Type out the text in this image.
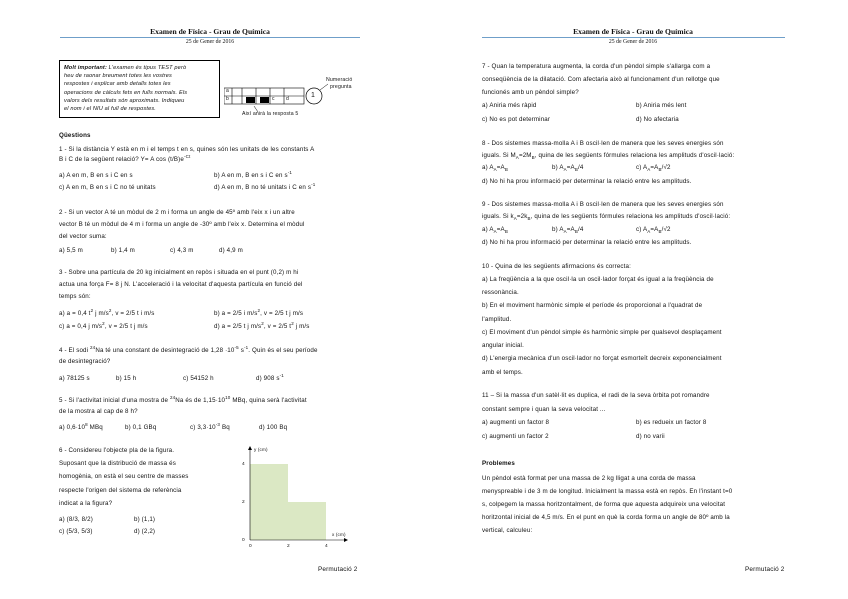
Examen de Física - Grau de Química
25 de Gener de 2016
Molt important: L'examen és tipus TEST però
heu de raonar breument totes les vostres
respostes i explicar amb detalls totes les
operacions de càlculs fets en fulls normals. Els
valors dels resultats són aproximats. Indiqueu
el nom i el NIU al full de respostes.
a
b	c d	1
Numeració
pregunta
Així anirà la resposta 5
Qüestions
1 - Si la distància Y està en m i el temps t en s, quines són les unitats de les constants A
B i C de la següent relació? Y= A $\cos (t/B)e^{-Ct}$
a) A en m, B en s i C en s	b) A en m, B en s i C en $s^{-1}$
c) A en m, B en s i C no té unitats	d) A en m, B no té unitats i C en $s^{-1}$
2 - Si un vector A té un mòdul de 2 m i forma un angle de 45º amb l'eix x i un altre
vector B té un mòdul de 4 m i forma un angle de -30º amb l'eix x. Determina el mòdul
del vector suma:
a) 5,5 m	b) 1,4 m	c) 4,3 m	d) 4,9 m
3 - Sobre una partícula de 20 kg inicialment en repòs i situada en el punt (0,2) m hi
actua una força F= 8 j N. L'acceleració i la velocitat d'aquesta partícula en funció del
temps són:
a) a = 0,4 $t^2$ j $m/s^2$, v = 2/5 t i m/s	b) a = 2/5 i $m/s^2$, v = 2/5 t j m/s
c) a = 0,4 j $m/s^2$, v = 2/5 t j m/s	d) a = 2/5 t j $m/s^2$, v = 2/5 $t^2$ j m/s
4 - El sodi $^{24}$Na té una constant de desintegració de $1,28 \cdot 10^{-5}$ $s^{-1}$. Quin és el seu període
de desintegració?
a) 78125 s	b) 15 h	c) 54152 h	d) 908 $s^{-1}$
5 - Si l'activitat inicial d'una mostra de $^{24}$Na és de $1,15\cdot 10^{10}$ MBq, quina serà l'activitat
de la mostra al cap de 8 h?
a) $0,6\cdot 10^8$ MBq	b) 0,1 GBq	c) $3,3\cdot 10^{-3}$ Bq	d) 100 Bq
6 - Considereu l'objecte pla de la figura.
Suposant que la distribució de massa és
homogènia, on està el seu centre de masses
respecte l'origen del sistema de referència
indicat a la figura?
a) (8/3, 8/2)	b) (1,1)
c) (5/3, 5/3)	d) (2,2)
y (cm)
x (cm)
4
2
0
0	2	4
Permutació 2
Examen de Física - Grau de Química
25 de Gener de 2016
7 - Quan la temperatura augmenta, la corda d'un pèndol simple s'allarga com a
conseqüència de la dilatació. Com afectaria això al funcionament d'un rellotge que
funcionés amb un pèndol simple?
a) Aniria més ràpid	b) Aniria més lent
c) No es pot determinar	d) No afectaria
8 - Dos sistemes massa-molla A i B oscil·len de manera que les seves energies són
iguals. Si $M_A=2M_B$, quina de les següents fórmules relaciona les amplituds d'oscil·lació:
a) $A_A=A_B$	b) $A_A=A_B/4$	c) $A_A=A_B/√2$
d) No hi ha prou informació per determinar la relació entre les amplituds.
9 - Dos sistemes massa-molla A i B oscil·len de manera que les seves energies són
iguals. Si $k_A=2k_B$, quina de les següents fórmules relaciona les amplituds d'oscil·lació:
a) $A_A=A_B$	b) $A_A=A_B/4$	c) $A_A=A_B/√2$
d) No hi ha prou informació per determinar la relació entre les amplituds.
10 - Quina de les següents afirmacions és correcta:
a) La freqüència a la que oscil·la un oscil·lador forçat és igual a la freqüència de
ressonància.
b) En el moviment harmònic simple el període és proporcional a l'quadrat de
l'amplitud.
c) El moviment d'un pèndol simple és harmònic simple per qualsevol desplaçament
angular inicial.
d) L'energia mecànica d'un oscil·lador no forçat esmorteït decreix exponencialment
amb el temps.
11 – Si la massa d'un satèl·lit es duplica, el radi de la seva òrbita pot romandre
constant sempre i quan la seva velocitat ...
a) augmenti un factor 8	b) es redueix un factor 8
c) augmenti un factor 2	d) no varii
Problemes
Un pèndol està format per una massa de 2 kg lligat a una corda de massa
menyspreable i de 3 m de longitud. Inicialment la massa està en repòs. En l'instant t=0
s, colpegem la massa horitzontalment, de forma que aquesta adquireix una velocitat
horitzontal inicial de 4,5 m/s. En el punt en què la corda forma un angle de 80º amb la
vertical, calculeu:
Permutació 2
